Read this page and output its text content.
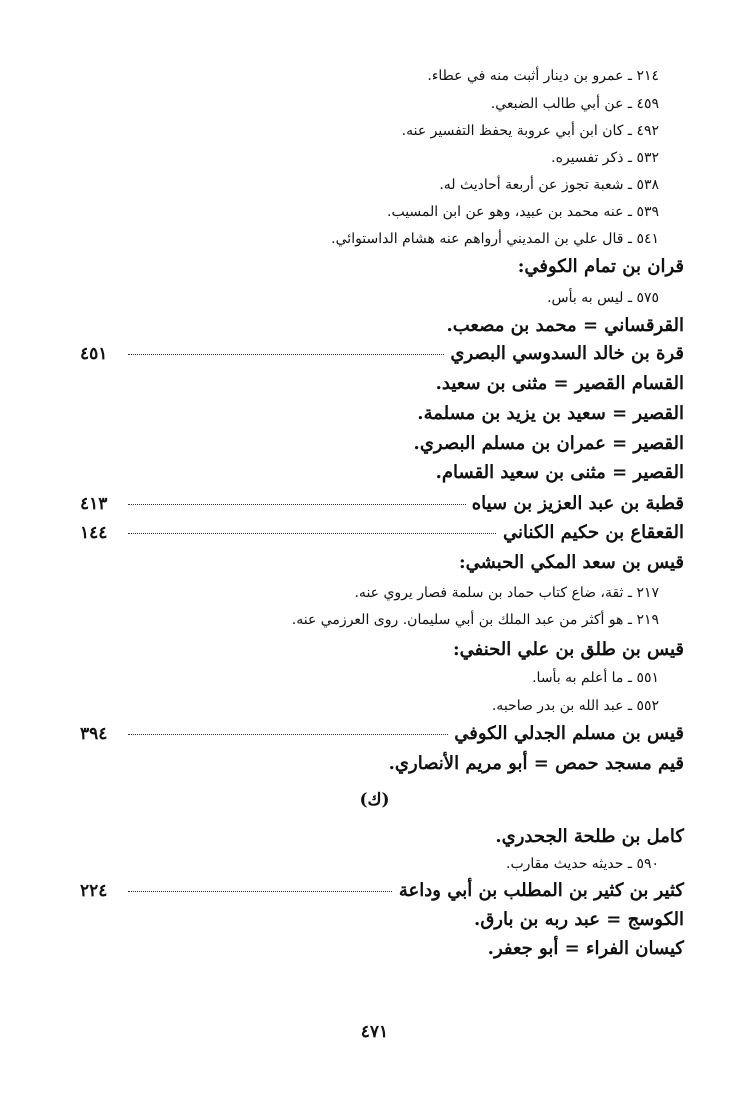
٢١٤ ـ عمرو بن دينار أثبت منه في عطاء.
٤٥٩ ـ عن أبي طالب الضبعي.
٤٩٢ ـ كان ابن أبي عروبة يحفظ التفسير عنه.
٥٣٢ ـ ذكر تفسيره.
٥٣٨ ـ شعبة تجوز عن أربعة أحاديث له.
٥٣٩ ـ عنه محمد بن عبيد، وهو عن ابن المسيب.
٥٤١ ـ قال علي بن المديني أرواهم عنه هشام الداستوائي.
قران بن تمام الكوفي:
٥٧٥ ـ ليس به بأس.
القرقساني = محمد بن مصعب.
قرة بن خالد السدوسي البصري
٤٥١
القسام القصير = مثنى بن سعيد.
القصير = سعيد بن يزيد بن مسلمة.
القصير = عمران بن مسلم البصري.
القصير = مثنى بن سعيد القسام.
قطبة بن عبد العزيز بن سياه
٤١٣
القعقاع بن حكيم الكناني
١٤٤
قيس بن سعد المكي الحبشي:
٢١٧ ـ ثقة، ضاع كتاب حماد بن سلمة فصار يروي عنه.
٢١٩ ـ هو أكثر من عبد الملك بن أبي سليمان. روى العرزمي عنه.
قيس بن طلق بن علي الحنفي:
٥٥١ ـ ما أعلم به بأسا.
٥٥٢ ـ عبد الله بن بدر صاحبه.
قيس بن مسلم الجدلي الكوفي
٣٩٤
قيم مسجد حمص = أبو مريم الأنصاري.
(ك)
كامل بن طلحة الجحدري.
٥٩٠ ـ حديثه حديث مقارب.
كثير بن كثير بن المطلب بن أبي وداعة
٢٢٤
الكوسج = عبد ربه بن بارق.
كيسان الفراء = أبو جعفر.
٤٧١
